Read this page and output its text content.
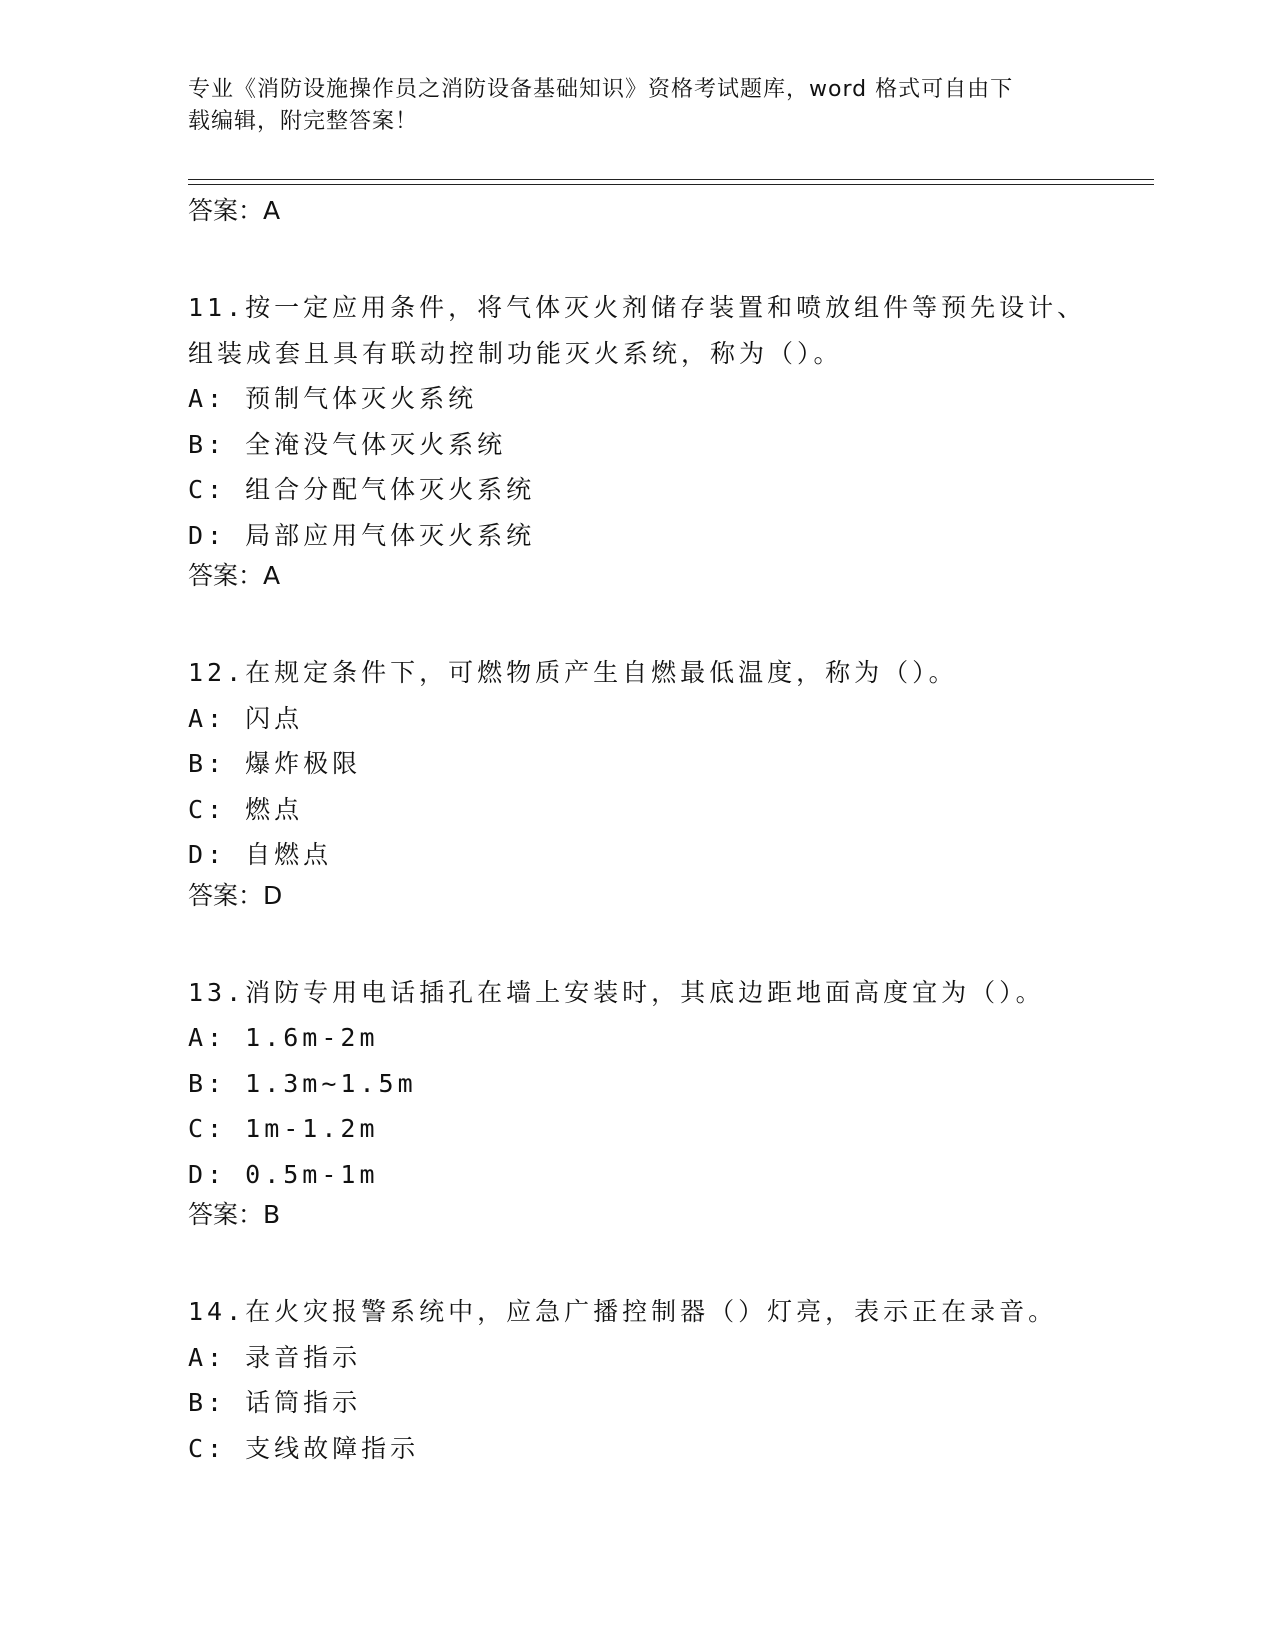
专业《消防设施操作员之消防设备基础知识》资格考试题库，word 格式可自由下
载编辑，附完整答案！
答案：A
11.按一定应用条件，将气体灭火剂储存装置和喷放组件等预先设计、
组装成套且具有联动控制功能灭火系统，称为（）。
A: 预制气体灭火系统
B: 全淹没气体灭火系统
C: 组合分配气体灭火系统
D: 局部应用气体灭火系统
答案：A
12.在规定条件下，可燃物质产生自燃最低温度，称为（）。
A: 闪点
B: 爆炸极限
C: 燃点
D: 自燃点
答案：D
13.消防专用电话插孔在墙上安装时，其底边距地面高度宜为（）。
A: 1.6m-2m
B: 1.3m~1.5m
C: 1m-1.2m
D: 0.5m-1m
答案：B
14.在火灾报警系统中，应急广播控制器（）灯亮，表示正在录音。
A: 录音指示
B: 话筒指示
C: 支线故障指示
